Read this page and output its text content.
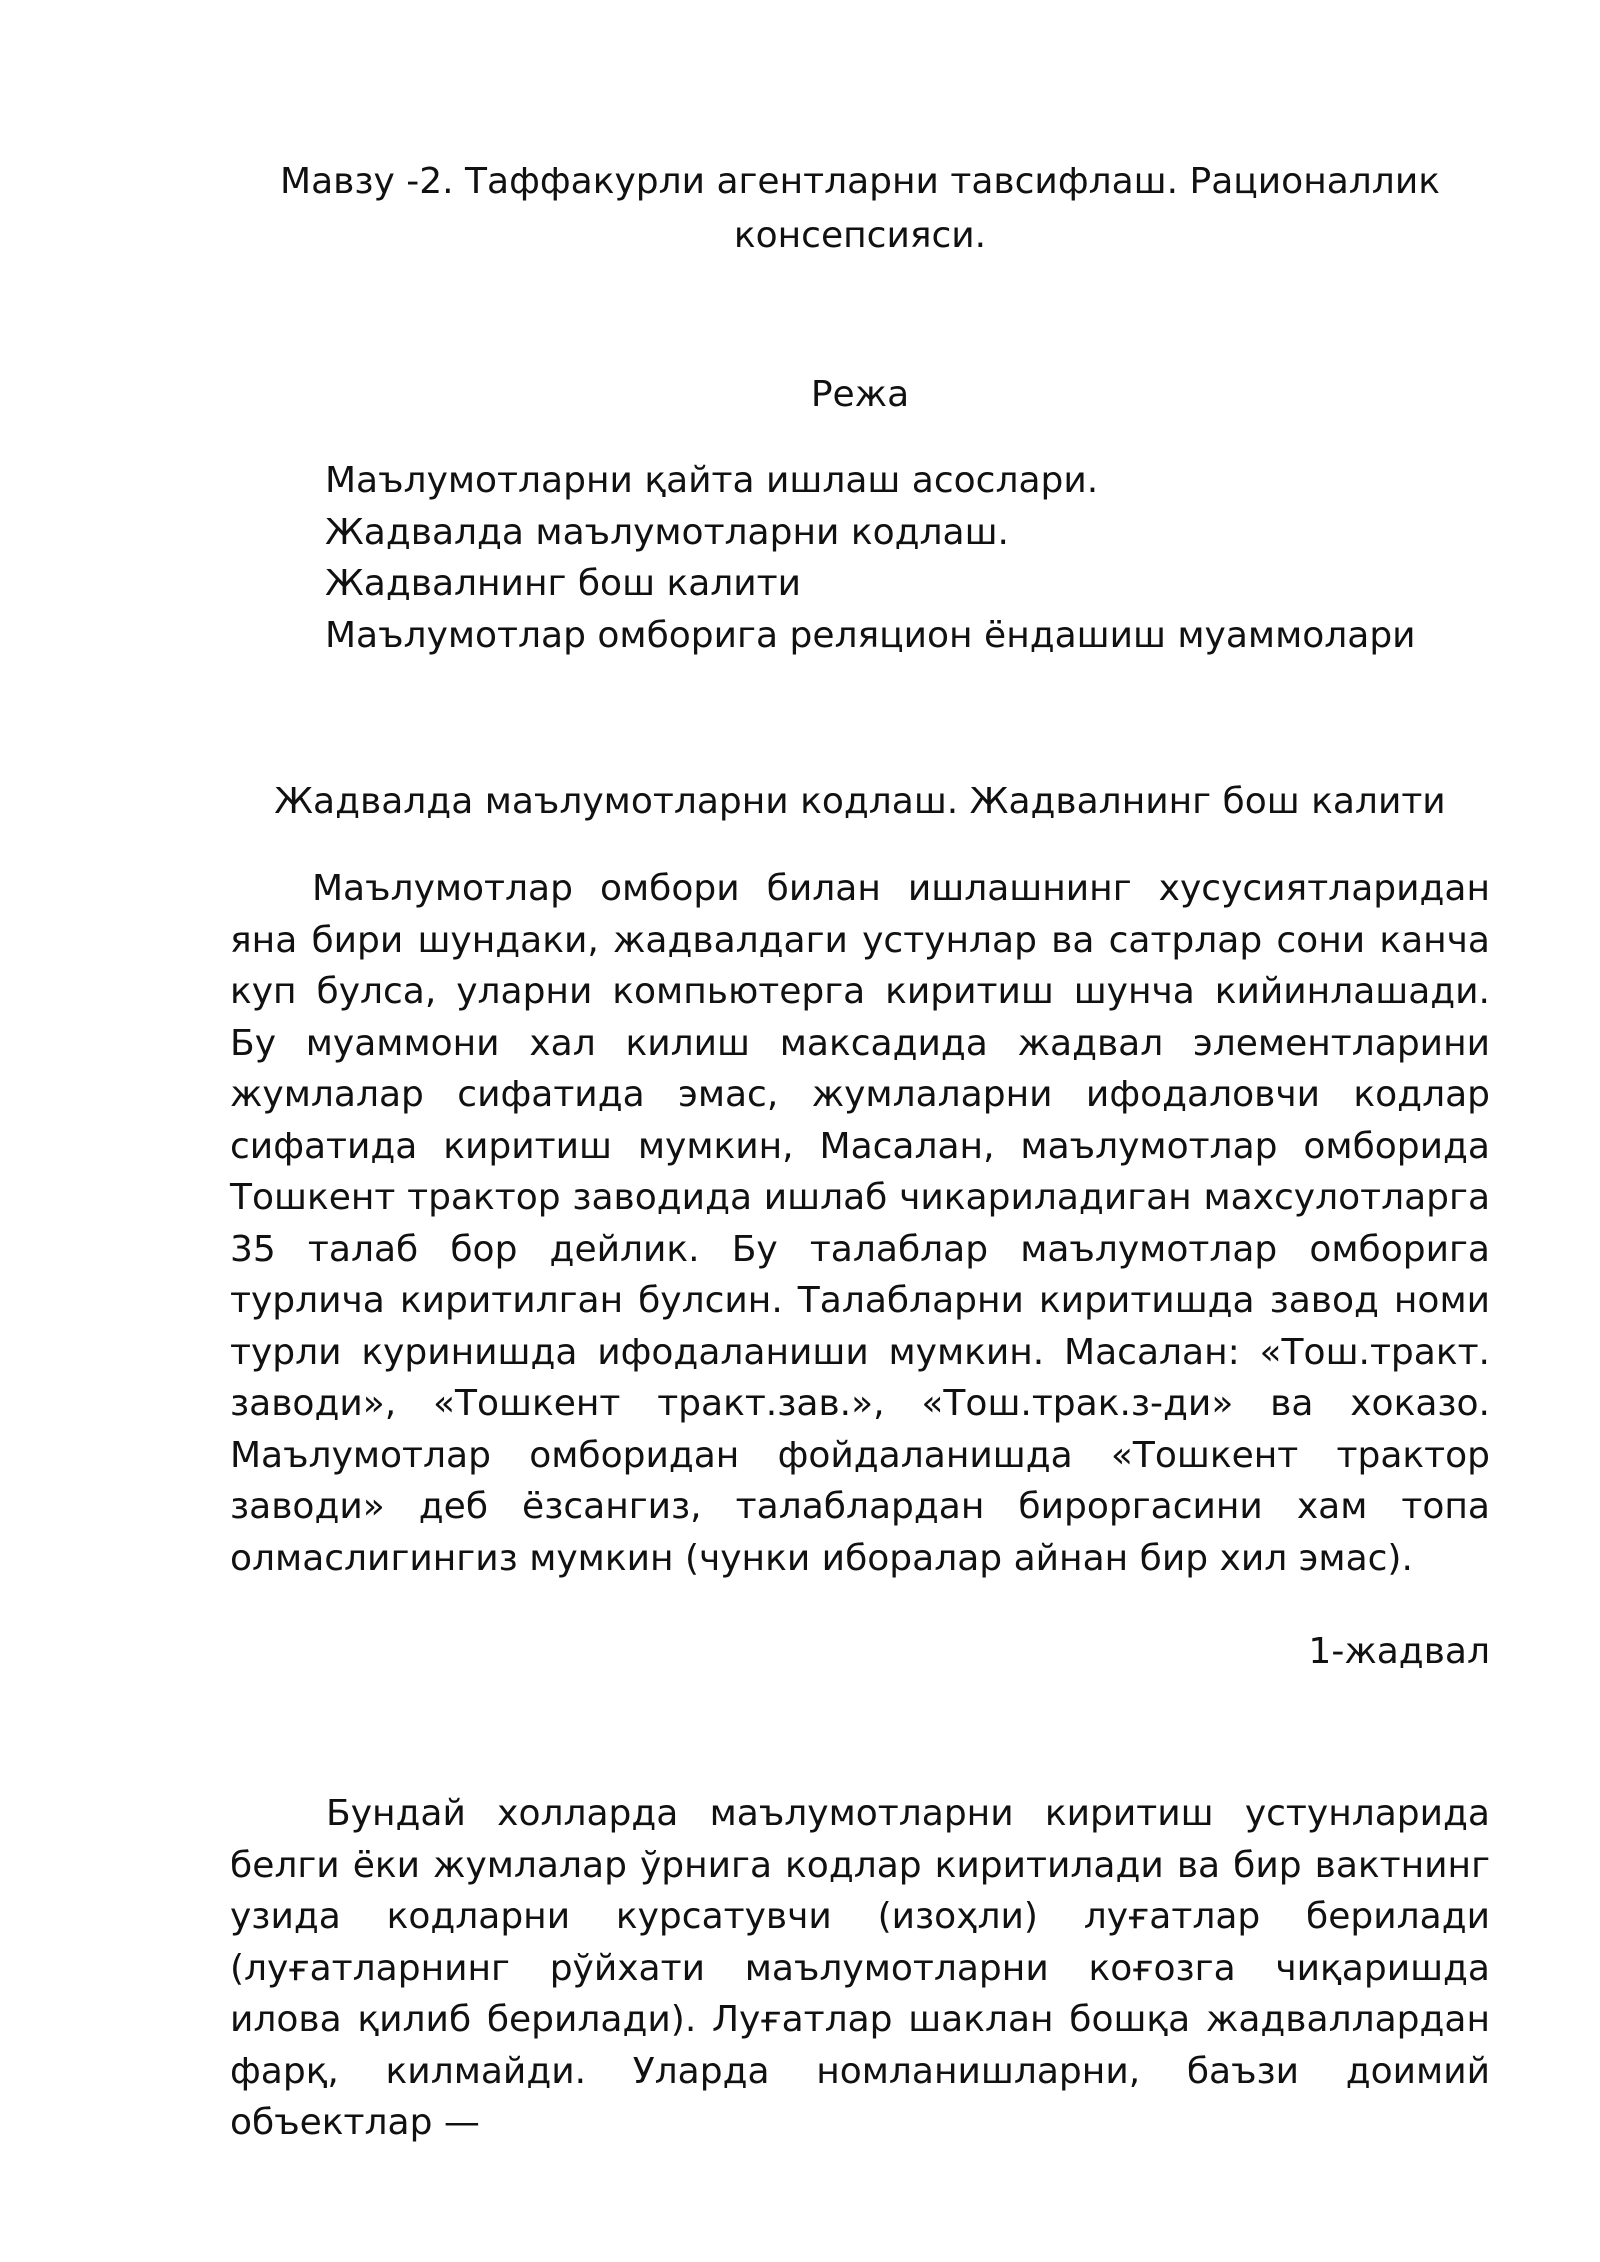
Мавзу -2. Таффакурли агентларни тавсифлаш. Рационаллик консепсияси.
Режа
Маълумотларни қайта ишлаш асослари.
Жадвалда маълумотларни кодлаш.
Жадвалнинг бош калити
Маълумотлар омборига реляцион ёндашиш муаммолари
Жадвалда маълумотларни кодлаш. Жадвалнинг бош калити

Маълумотлар омбори билан ишлашнинг хусусиятларидан яна бири шундаки, жадвалдаги устунлар ва сатрлар сони канча куп булса, уларни компьютерга киритиш шунча кийинлашади. Бу муаммони хал килиш максадида жадвал элементларини жумлалар сифатида эмас, жумлаларни ифодаловчи кодлар сифатида киритиш мумкин, Масалан, маълумотлар омборида Тошкент трактор заводида ишлаб чикариладиган махсулотларга 35 талаб бор дейлик. Бу талаблар маълумотлар омборига турлича киритилган булсин. Талабларни киритишда завод номи турли куринишда ифодаланиши мумкин. Масалан: «Тош.тракт. заводи», «Тошкент тракт.зав.», «Тош.трак.з-ди» ва хоказо. Маълумотлар омборидан фойдаланишда «Тошкент трактор заводи» деб ёзсангиз, талаблардан бироргасини хам топа олмаслигингиз мумкин (чунки иборалар айнан бир хил эмас).

1-жадвал

Бундай холларда маълумотларни киритиш устунларида белги ёки жумлалар ўрнига кодлар киритилади ва бир вактнинг узида кодларни курсатувчи (изоҳли) луғатлар берилади (луғатларнинг рўйхати маълумотларни коғозга чиқаришда илова қилиб берилади). Луғатлар шаклан бошқа жадваллардан фарқ, килмайди. Уларда номланишларни, баъзи доимий объектлар —
